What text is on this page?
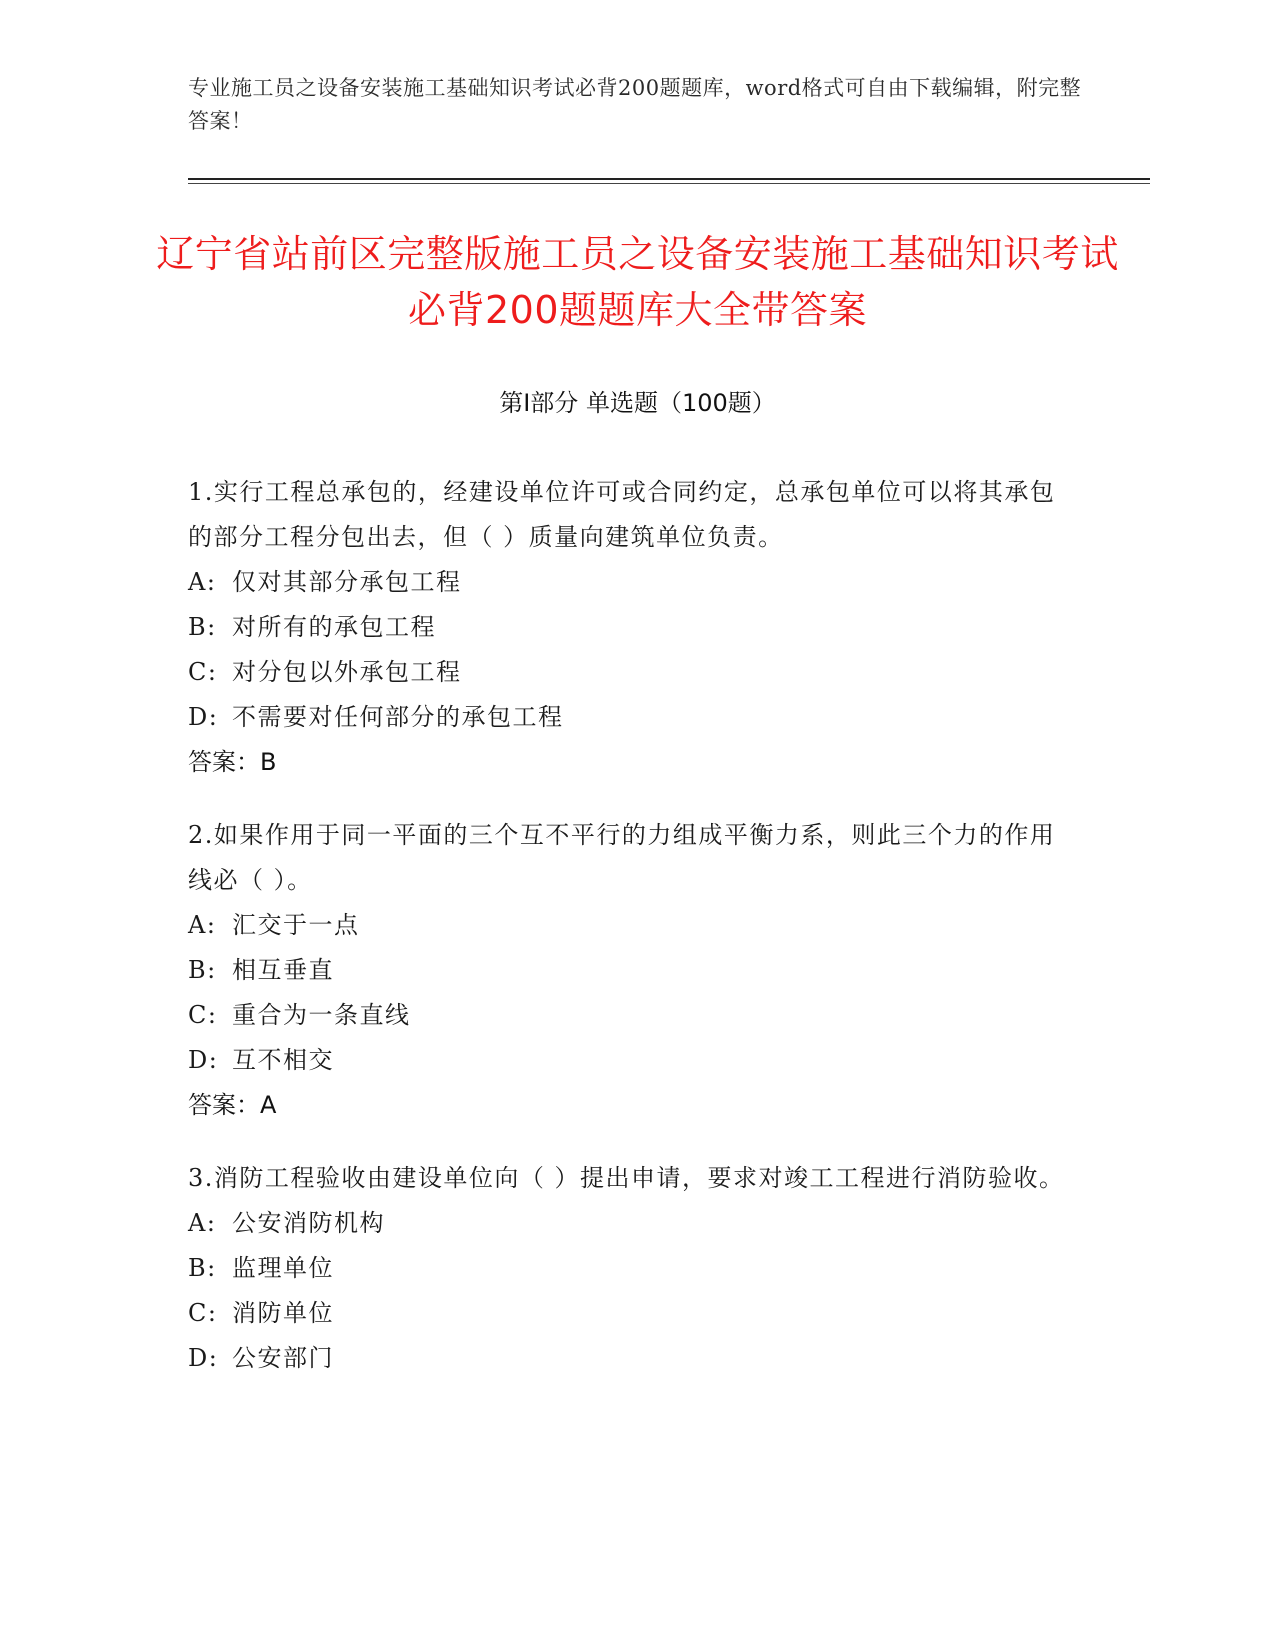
专业施工员之设备安装施工基础知识考试必背200题题库，word格式可自由下载编辑，附完整答案！
辽宁省站前区完整版施工员之设备安装施工基础知识考试必背200题题库大全带答案
第Ⅰ部分 单选题（100题）
1.实行工程总承包的，经建设单位许可或合同约定，总承包单位可以将其承包的部分工程分包出去，但（ ）质量向建筑单位负责。
A: 仅对其部分承包工程
B: 对所有的承包工程
C: 对分包以外承包工程
D: 不需要对任何部分的承包工程
答案：B
2.如果作用于同一平面的三个互不平行的力组成平衡力系，则此三个力的作用线必（ ）。
A: 汇交于一点
B: 相互垂直
C: 重合为一条直线
D: 互不相交
答案：A
3.消防工程验收由建设单位向（ ）提出申请，要求对竣工工程进行消防验收。
A: 公安消防机构
B: 监理单位
C: 消防单位
D: 公安部门
